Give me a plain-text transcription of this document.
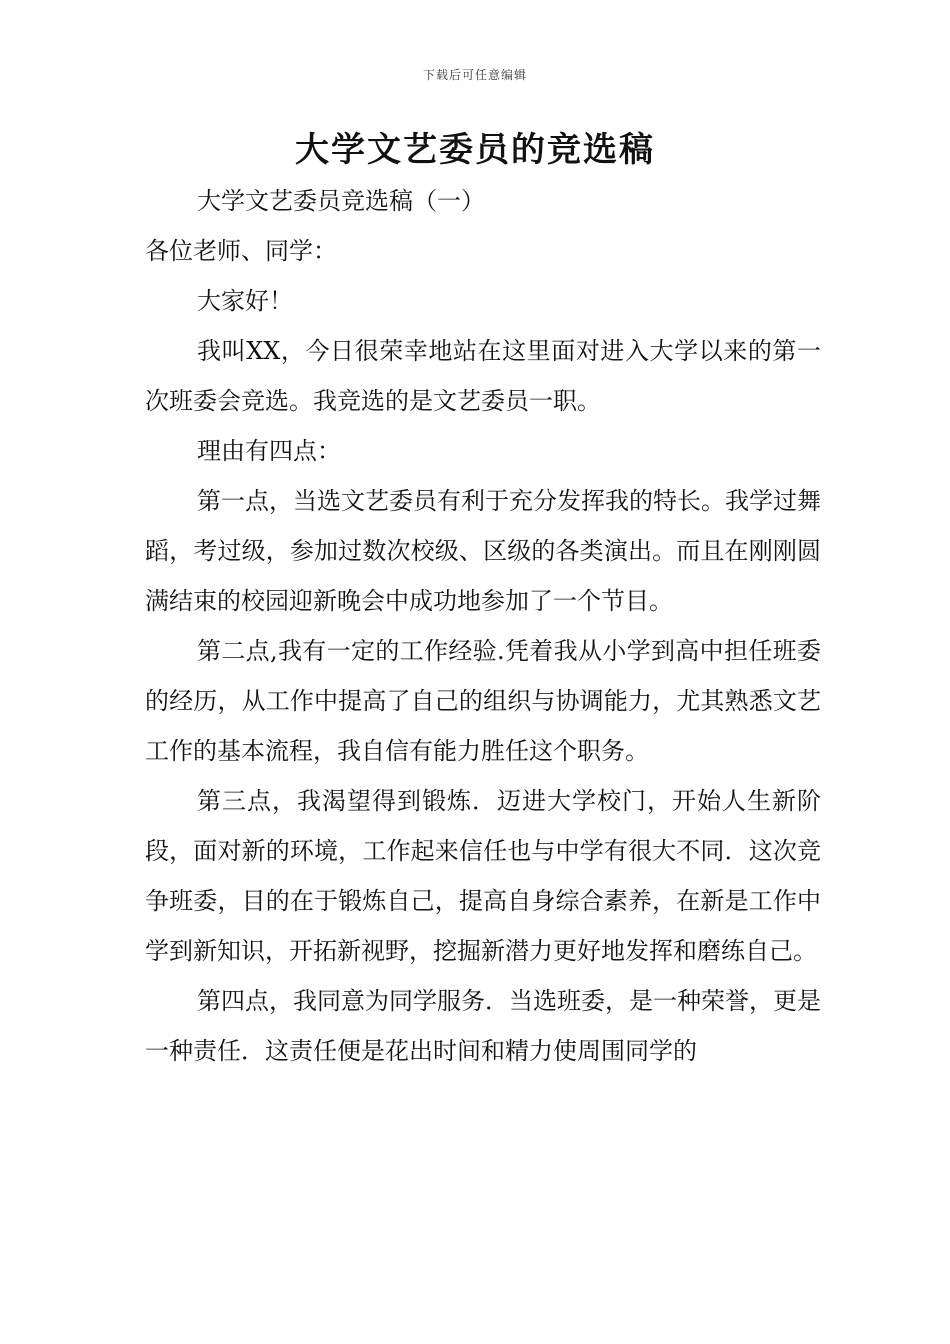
下载后可任意编辑
大学文艺委员的竞选稿

大学文艺委员竞选稿（一）

各位老师、同学：

大家好！

我叫XX，今日很荣幸地站在这里面对进入大学以来的第一次班委会竞选。我竞选的是文艺委员一职。

理由有四点：

第一点，当选文艺委员有利于充分发挥我的特长。我学过舞蹈，考过级，参加过数次校级、区级的各类演出。而且在刚刚圆满结束的校园迎新晚会中成功地参加了一个节目。

第二点,我有一定的工作经验.凭着我从小学到高中担任班委的经历，从工作中提高了自己的组织与协调能力，尤其熟悉文艺工作的基本流程，我自信有能力胜任这个职务。

第三点，我渴望得到锻炼．迈进大学校门，开始人生新阶段，面对新的环境，工作起来信任也与中学有很大不同．这次竞争班委，目的在于锻炼自己，提高自身综合素养，在新是工作中学到新知识，开拓新视野，挖掘新潜力更好地发挥和磨练自己。

第四点，我同意为同学服务．当选班委，是一种荣誉，更是一种责任．这责任便是花出时间和精力使周围同学的
